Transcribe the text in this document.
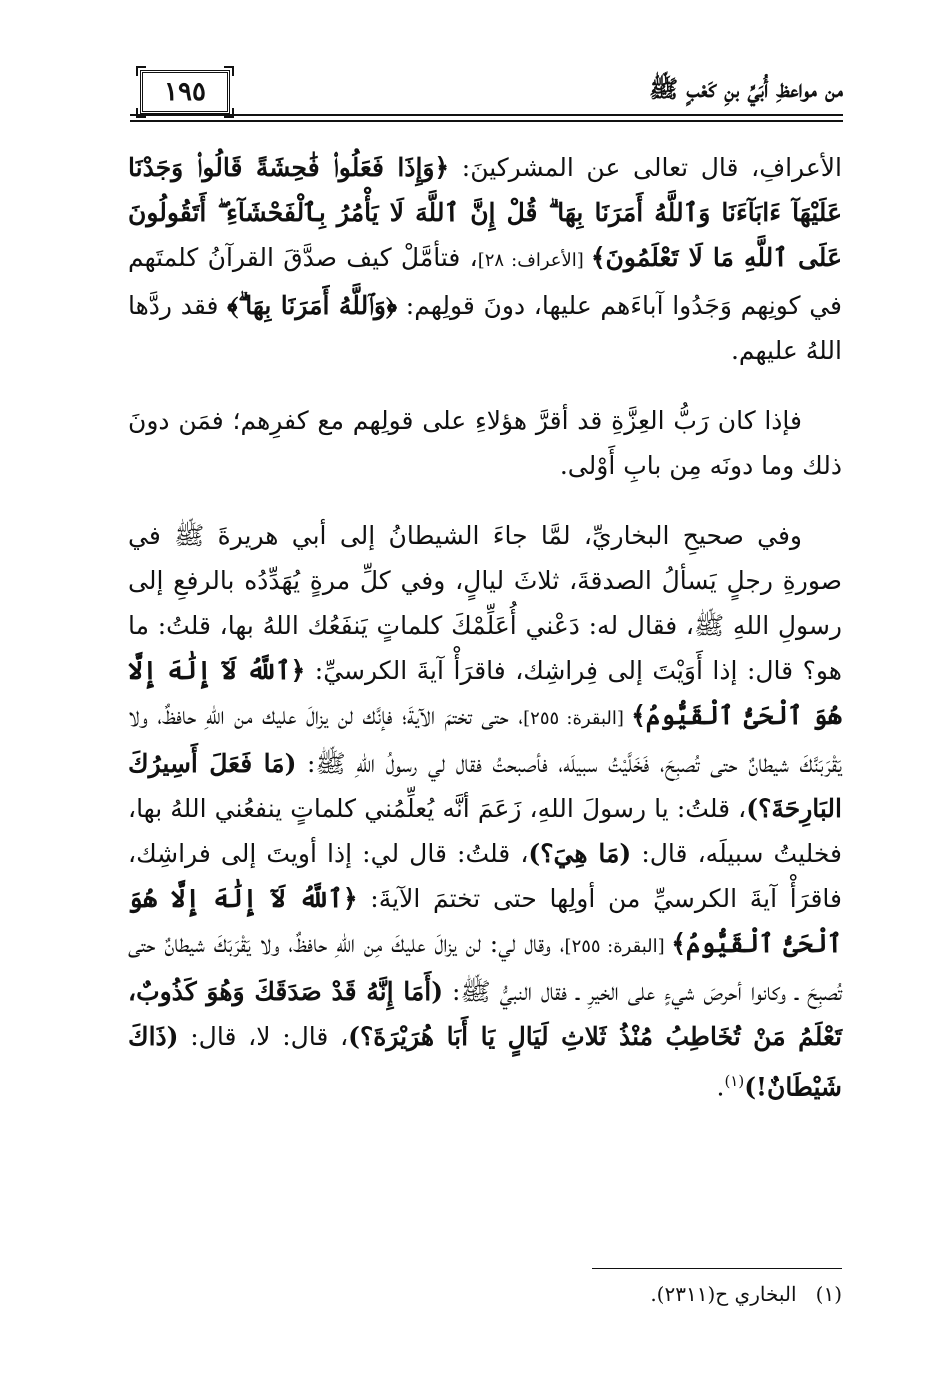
من مواعظِ أُبَيِّ بنِ كَعْبٍ ﷺ
١٩٥

الأعرافِ، قال تعالى عن المشركينَ: ﴿وَإِذَا فَعَلُوا۟ فَٰحِشَةً قَالُوا۟ وَجَدْنَا عَلَيْهَآ ءَابَآءَنَا وَٱللَّهُ أَمَرَنَا بِهَا ۗ قُلْ إِنَّ ٱللَّهَ لَا يَأْمُرُ بِٱلْفَحْشَآءِ ۖ أَتَقُولُونَ عَلَى ٱللَّهِ مَا لَا تَعْلَمُونَ﴾ [الأعراف: ٢٨]، فتأمَّلْ كيف صدَّقَ القرآنُ كلمتَهم في كونِهم وَجَدُوا آباءَهم عليها، دونَ قولِهم: ﴿وَٱللَّهُ أَمَرَنَا بِهَا ۗ﴾ فقد ردَّها اللهُ عليهم.

فإذا كان رَبُّ العِزَّةِ قد أقرَّ هؤلاءِ على قولِهم مع كفرِهم؛ فمَن دونَ ذلك وما دونَه مِن بابِ أَوْلى.

وفي صحيحِ البخاريِّ، لمَّا جاءَ الشيطانُ إلى أبي هريرةَ ﷺ في صورةِ رجلٍ يَسألُ الصدقةَ، ثلاثَ ليالٍ، وفي كلِّ مرةٍ يُهَدِّدُه بالرفعِ إلى رسولِ اللهِ ﷺ، فقال له: دَعْني أُعَلِّمْكَ كلماتٍ يَنفَعُك اللهُ بها، قلتُ: ما هو؟ قال: إذا أَوَيْتَ إلى فِراشِك، فاقرَأْ آيةَ الكرسيِّ: ﴿ٱللَّهُ لَآ إِلَٰهَ إِلَّا هُوَ ٱلْحَىُّ ٱلْقَيُّومُ﴾ [البقرة: ٢٥٥]، حتى تختمَ الآيةَ؛ فإنَّك لن يزالَ عليك من اللهِ حافظٌ، ولا يَقْرَبَنَّكَ شيطانٌ حتى تُصبِحَ، فَخَلَّيْتُ سبيلَه، فأصبحتُ فقال لي رسولُ اللهِ ﷺ: (مَا فَعَلَ أَسِيرُكَ البَارِحَةَ؟)، قلتُ: يا رسولَ اللهِ، زَعَمَ أنَّه يُعلِّمُني كلماتٍ ينفعُني اللهُ بها، فخليتُ سبيلَه، قال: (مَا هِيَ؟)، قلتُ: قال لي: إذا أويتَ إلى فراشِك، فاقرَأْ آيةَ الكرسيِّ من أولِها حتى تختمَ الآيةَ: ﴿ٱللَّهُ لَآ إِلَٰهَ إِلَّا هُوَ ٱلْحَىُّ ٱلْقَيُّومُ﴾ [البقرة: ٢٥٥]، وقال لي: لن يزالَ عليكَ مِن اللهِ حافظٌ، ولا يَقْرَبَكَ شيطانٌ حتى تُصبِحَ ـ وكانوا أحرصَ شيءٍ على الخيرِ ـ فقال النبيُّ ﷺ: (أَمَا إِنَّهُ قَدْ صَدَقَكَ وَهُوَ كَذُوبٌ، تَعْلَمُ مَنْ تُخَاطِبُ مُنْذُ ثَلاثِ لَيَالٍ يَا أَبَا هُرَيْرَةَ؟)، قال: لا، قال: (ذَاكَ شَيْطَانٌ!)$^{(١)}$.

(١)   البخاري ح(٢٣١١).
